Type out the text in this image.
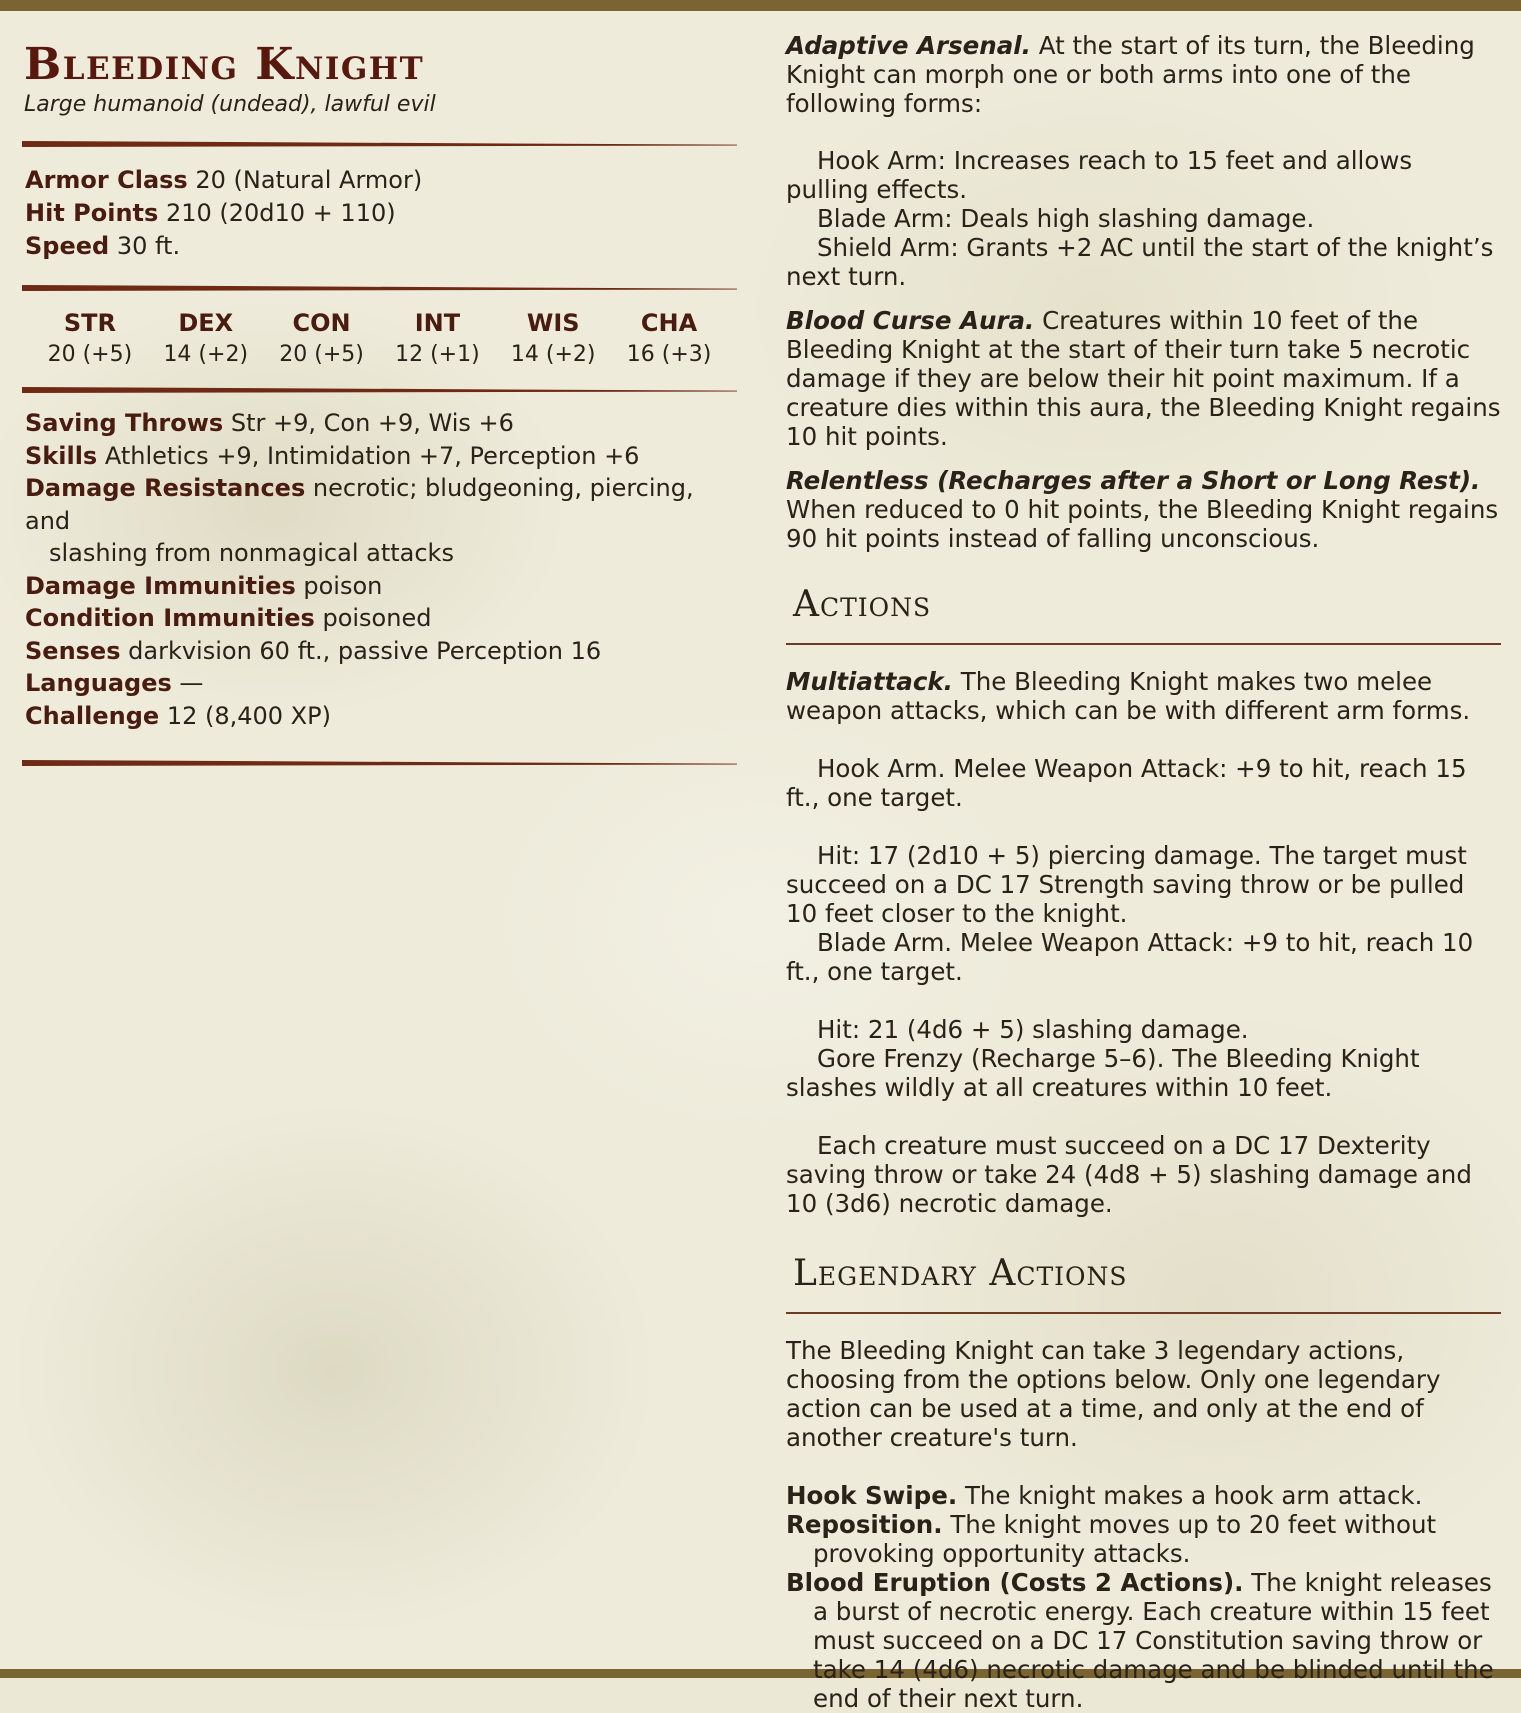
Bleeding Knight
Large humanoid (undead), lawful evil
Armor Class 20 (Natural Armor)
Hit Points 210 (20d10 + 110)
Speed 30 ft.
STR
20 (+5)
DEX
14 (+2)
CON
20 (+5)
INT
12 (+1)
WIS
14 (+2)
CHA
16 (+3)
Saving Throws Str +9, Con +9, Wis +6
Skills Athletics +9, Intimidation +7, Perception +6
Damage Resistances necrotic; bludgeoning, piercing, and
slashing from nonmagical attacks
Damage Immunities poison
Condition Immunities poisoned
Senses darkvision 60 ft., passive Perception 16
Languages —
Challenge 12 (8,400 XP)

Adaptive Arsenal. At the start of its turn, the Bleeding Knight can morph one or both arms into one of the following forms:

Hook Arm: Increases reach to 15 feet and allows pulling effects.

Blade Arm: Deals high slashing damage.

Shield Arm: Grants +2 AC until the start of the knight’s next turn.

Blood Curse Aura. Creatures within 10 feet of the Bleeding Knight at the start of their turn take 5 necrotic damage if they are below their hit point maximum. If a creature dies within this aura, the Bleeding Knight regains 10 hit points.

Relentless (Recharges after a Short or Long Rest). When reduced to 0 hit points, the Bleeding Knight regains 90 hit points instead of falling unconscious.

Actions

Multiattack. The Bleeding Knight makes two melee weapon attacks, which can be with different arm forms.

Hook Arm. Melee Weapon Attack: +9 to hit, reach 15 ft., one target.

Hit: 17 (2d10 + 5) piercing damage. The target must succeed on a DC 17 Strength saving throw or be pulled 10 feet closer to the knight.

Blade Arm. Melee Weapon Attack: +9 to hit, reach 10 ft., one target.

Hit: 21 (4d6 + 5) slashing damage.

Gore Frenzy (Recharge 5–6). The Bleeding Knight slashes wildly at all creatures within 10 feet.

Each creature must succeed on a DC 17 Dexterity saving throw or take 24 (4d8 + 5) slashing damage and 10 (3d6) necrotic damage.

Legendary Actions

The Bleeding Knight can take 3 legendary actions, choosing from the options below. Only one legendary action can be used at a time, and only at the end of another creature's turn.

Hook Swipe. The knight makes a hook arm attack.

Reposition. The knight moves up to 20 feet without provoking opportunity attacks.

Blood Eruption (Costs 2 Actions). The knight releases a burst of necrotic energy. Each creature within 15 feet must succeed on a DC 17 Constitution saving throw or take 14 (4d6) necrotic damage and be blinded until the end of their next turn.
